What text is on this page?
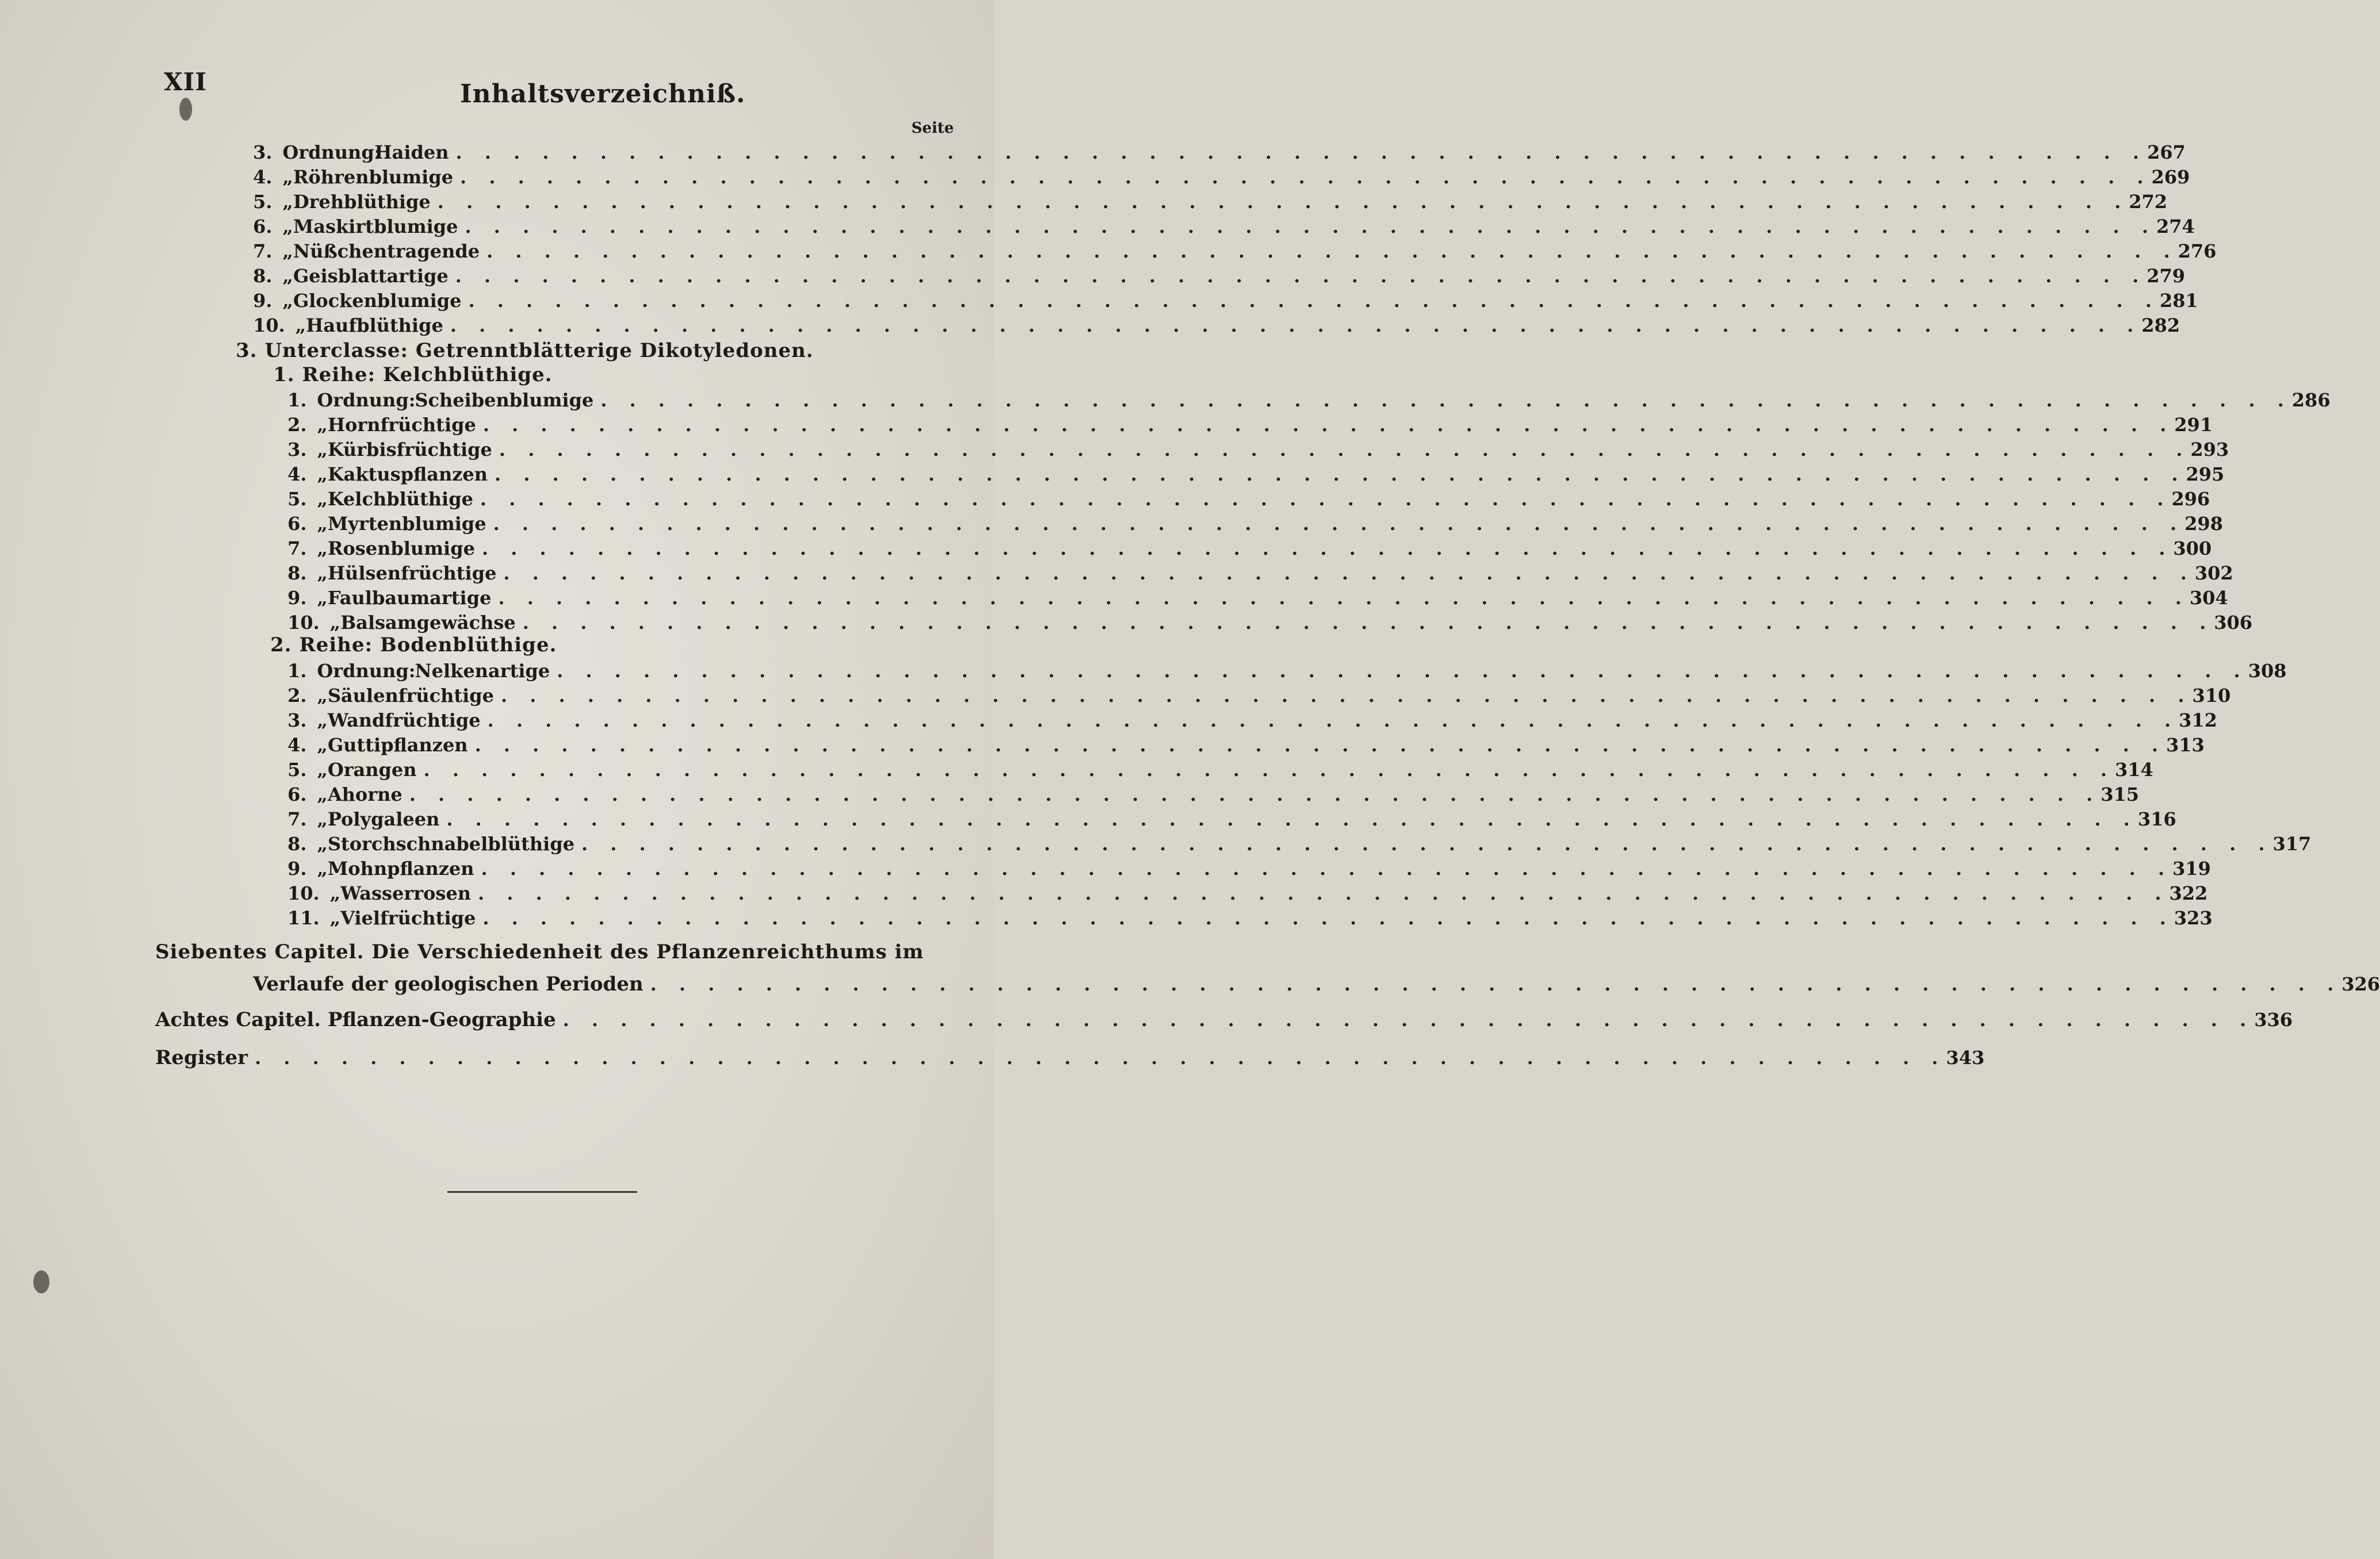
XII	Inhaltsverzeichniß.
Seite
3. Ordnung:
Haiden . . . . . . . . . . . . . . . . . . . . . . . . . . . . . . . . . . . . . . . . . . . . . . . . . . . . . . . . . . . 267
4. „ Röhrenblumige . . . . . . . . . . . . . . . . . . . . . . . . . . . . . . . . . . . . . . . . . . . . . . . . . . . . . . . . . . . 269
5. „ Drehblüthige . . . . . . . . . . . . . . . . . . . . . . . . . . . . . . . . . . . . . . . . . . . . . . . . . . . . . . . . . . . 272
6. „ Maskirtblumige . . . . . . . . . . . . . . . . . . . . . . . . . . . . . . . . . . . . . . . . . . . . . . . . . . . . . . . . . . . 274
7. „ Nüßchentragende . . . . . . . . . . . . . . . . . . . . . . . . . . . . . . . . . . . . . . . . . . . . . . . . . . . . . . . . . . . 276
8. „ Geisblattartige . . . . . . . . . . . . . . . . . . . . . . . . . . . . . . . . . . . . . . . . . . . . . . . . . . . . . . . . . . . 279
9. „ Glockenblumige . . . . . . . . . . . . . . . . . . . . . . . . . . . . . . . . . . . . . . . . . . . . . . . . . . . . . . . . . . . 281
10. „ Haufblüthige . . . . . . . . . . . . . . . . . . . . . . . . . . . . . . . . . . . . . . . . . . . . . . . . . . . . . . . . . . . 282
3. Unterclasse: Getrenntblätterige Dikotyledonen.
1. Reihe: Kelchblüthige.
1. Ordnung:
Scheibenblumige . . . . . . . . . . . . . . . . . . . . . . . . . . . . . . . . . . . . . . . . . . . . . . . . . . . . . . . . . . . 286
2. „ Hornfrüchtige . . . . . . . . . . . . . . . . . . . . . . . . . . . . . . . . . . . . . . . . . . . . . . . . . . . . . . . . . . . 291
3. „ Kürbisfrüchtige . . . . . . . . . . . . . . . . . . . . . . . . . . . . . . . . . . . . . . . . . . . . . . . . . . . . . . . . . . . 293
4. „ Kaktuspflanzen . . . . . . . . . . . . . . . . . . . . . . . . . . . . . . . . . . . . . . . . . . . . . . . . . . . . . . . . . . . 295
5. „ Kelchblüthige . . . . . . . . . . . . . . . . . . . . . . . . . . . . . . . . . . . . . . . . . . . . . . . . . . . . . . . . . . . 296
6. „ Myrtenblumige . . . . . . . . . . . . . . . . . . . . . . . . . . . . . . . . . . . . . . . . . . . . . . . . . . . . . . . . . . . 298
7. „ Rosenblumige . . . . . . . . . . . . . . . . . . . . . . . . . . . . . . . . . . . . . . . . . . . . . . . . . . . . . . . . . . . 300
8. „ Hülsenfrüchtige . . . . . . . . . . . . . . . . . . . . . . . . . . . . . . . . . . . . . . . . . . . . . . . . . . . . . . . . . . . 302
9. „ Faulbaumartige . . . . . . . . . . . . . . . . . . . . . . . . . . . . . . . . . . . . . . . . . . . . . . . . . . . . . . . . . . . 304
10. „ Balsamgewächse . . . . . . . . . . . . . . . . . . . . . . . . . . . . . . . . . . . . . . . . . . . . . . . . . . . . . . . . . . . 306
2. Reihe: Bodenblüthige.
1. Ordnung:
Nelkenartige . . . . . . . . . . . . . . . . . . . . . . . . . . . . . . . . . . . . . . . . . . . . . . . . . . . . . . . . . . . 308
2. „ Säulenfrüchtige . . . . . . . . . . . . . . . . . . . . . . . . . . . . . . . . . . . . . . . . . . . . . . . . . . . . . . . . . . . 310
3. „ Wandfrüchtige . . . . . . . . . . . . . . . . . . . . . . . . . . . . . . . . . . . . . . . . . . . . . . . . . . . . . . . . . . . 312
4. „ Guttipflanzen . . . . . . . . . . . . . . . . . . . . . . . . . . . . . . . . . . . . . . . . . . . . . . . . . . . . . . . . . . . 313
5. „ Orangen . . . . . . . . . . . . . . . . . . . . . . . . . . . . . . . . . . . . . . . . . . . . . . . . . . . . . . . . . . . 314
6. „ Ahorne . . . . . . . . . . . . . . . . . . . . . . . . . . . . . . . . . . . . . . . . . . . . . . . . . . . . . . . . . . . 315
7. „ Polygaleen . . . . . . . . . . . . . . . . . . . . . . . . . . . . . . . . . . . . . . . . . . . . . . . . . . . . . . . . . . . 316
8. „ Storchschnabelblüthige . . . . . . . . . . . . . . . . . . . . . . . . . . . . . . . . . . . . . . . . . . . . . . . . . . . . . . . . . . . 317
9. „ Mohnpflanzen . . . . . . . . . . . . . . . . . . . . . . . . . . . . . . . . . . . . . . . . . . . . . . . . . . . . . . . . . . . 319
10. „ Wasserrosen . . . . . . . . . . . . . . . . . . . . . . . . . . . . . . . . . . . . . . . . . . . . . . . . . . . . . . . . . . . 322
11. „ Vielfrüchtige . . . . . . . . . . . . . . . . . . . . . . . . . . . . . . . . . . . . . . . . . . . . . . . . . . . . . . . . . . . 323
Siebentes Capitel. Die Verschiedenheit des Pflanzenreichthums im
Verlaufe der geologischen Perioden . . . . . . . . . . . . . . . . . . . . . . . . . . . . . . . . . . . . . . . . . . . . . . . . . . . . . . . . . . . 326
Achtes Capitel. Pflanzen-Geographie . . . . . . . . . . . . . . . . . . . . . . . . . . . . . . . . . . . . . . . . . . . . . . . . . . . . . . . . . . . 336
Register . . . . . . . . . . . . . . . . . . . . . . . . . . . . . . . . . . . . . . . . . . . . . . . . . . . . . . . . . . . 343
